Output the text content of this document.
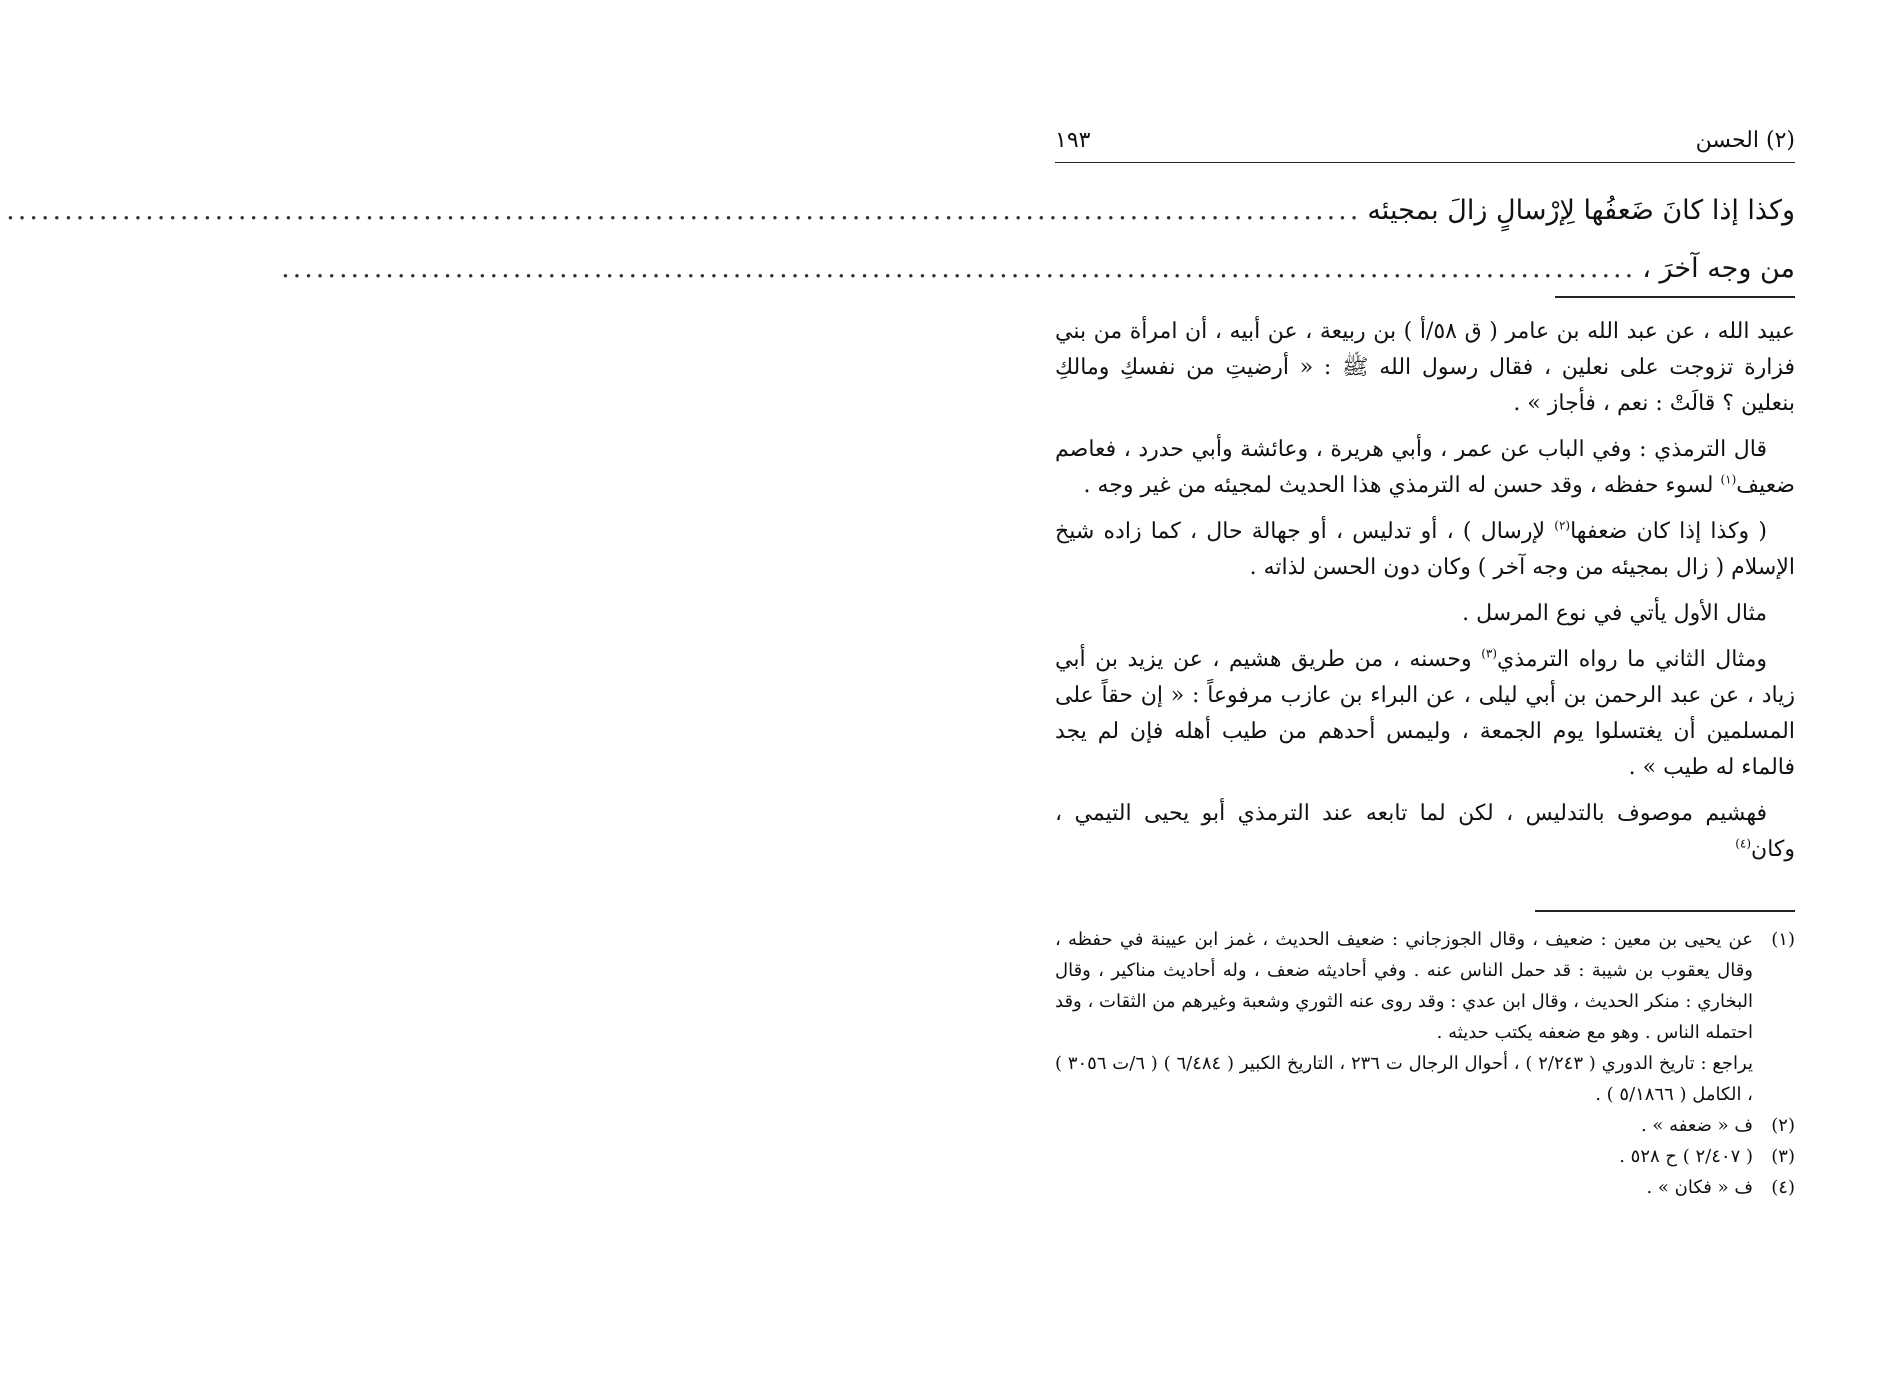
(٢) الحسن
١٩٣
وكذا إذا كانَ ضَعفُها لِإرْسالٍ زالَ بمجيئه
.....................................................................................................................
من وجه آخرَ ،
.....................................................................................................................

عبيد الله ، عن عبد الله بن عامر ( ق ٥٨/أ ) بن ربيعة ، عن أبيه ، أن امرأة من بني فزارة تزوجت على نعلين ، فقال رسول الله ﷺ : « أرضيتِ من نفسكِ ومالكِ بنعلين ؟ قالَتْ : نعم ، فأجاز » .

قال الترمذي : وفي الباب عن عمر ، وأبي هريرة ، وعائشة وأبي حدرد ، فعاصم ضعيف$^{(١)}$ لسوء حفظه ، وقد حسن له الترمذي هذا الحديث لمجيئه من غير وجه .

( وكذا إذا كان ضعفها$^{(٢)}$ لإرسال ) ، أو تدليس ، أو جهالة حال ، كما زاده شيخ الإسلام ( زال بمجيئه من وجه آخر ) وكان دون الحسن لذاته .

مثال الأول يأتي في نوع المرسل .

ومثال الثاني ما رواه الترمذي$^{(٣)}$ وحسنه ، من طريق هشيم ، عن يزيد بن أبي زياد ، عن عبد الرحمن بن أبي ليلى ، عن البراء بن عازب مرفوعاً : « إن حقاً على المسلمين أن يغتسلوا يوم الجمعة ، وليمس أحدهم من طيب أهله فإن لم يجد فالماء له طيب » .

فهشيم موصوف بالتدليس ، لكن لما تابعه عند الترمذي أبو يحيى التيمي ، وكان$^{(٤)}$

(١)
عن يحيى بن معين : ضعيف ، وقال الجوزجاني : ضعيف الحديث ، غمز ابن عيينة في حفظه ، وقال يعقوب بن شيبة : قد حمل الناس عنه . وفي أحاديثه ضعف ، وله أحاديث مناكير ، وقال البخاري : منكر الحديث ، وقال ابن عدي : وقد روى عنه الثوري وشعبة وغيرهم من الثقات ، وقد احتمله الناس . وهو مع ضعفه يكتب حديثه .
يراجع : تاريخ الدوري ( ٢/٢٤٣ ) ، أحوال الرجال ت ٢٣٦ ، التاريخ الكبير ( ٦/٤٨٤ ) ( ٦/ت ٣٠٥٦ ) ، الكامل ( ٥/١٨٦٦ ) .
(٢)
ف « ضعفه » .
(٣)
( ٢/٤٠٧ ) ح ٥٢٨ .
(٤)
ف « فكان » .
